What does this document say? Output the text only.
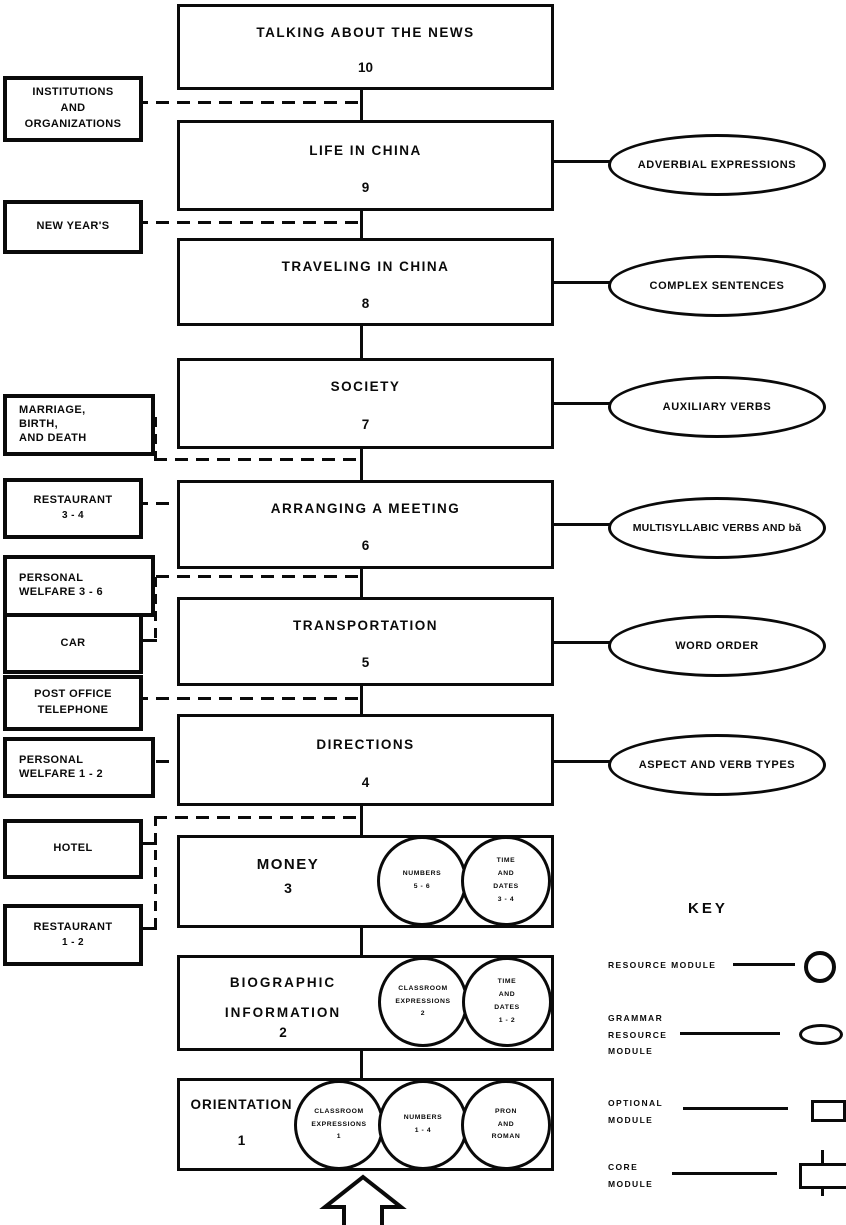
TALKING ABOUT THE NEWS
10
LIFE IN CHINA
9
TRAVELING IN CHINA
8
SOCIETY
7
ARRANGING A MEETING
6
TRANSPORTATION
5
DIRECTIONS
4
MONEY
3
BIOGRAPHIC INFORMATION
2
ORIENTATION
1
NUMBERS
5 - 6
TIME
AND
DATES
3 - 4
CLASSROOM
EXPRESSIONS
2
TIME
AND
DATES
1 - 2
CLASSROOM
EXPRESSIONS
1
NUMBERS
1 - 4
PRON
AND
ROMAN
INSTITUTIONS
AND
ORGANIZATIONS
NEW YEAR'S
MARRIAGE,
BIRTH,
AND DEATH
RESTAURANT
3 - 4
PERSONAL
WELFARE 3 - 6
CAR
POST OFFICE
TELEPHONE
PERSONAL
WELFARE 1 - 2
HOTEL
RESTAURANT
1 - 2
ADVERBIAL EXPRESSIONS
COMPLEX SENTENCES
AUXILIARY VERBS
MULTISYLLABIC VERBS AND bǎ
WORD ORDER
ASPECT AND VERB TYPES
KEY
RESOURCE MODULE
GRAMMAR
RESOURCE
MODULE
OPTIONAL
MODULE
CORE
MODULE
